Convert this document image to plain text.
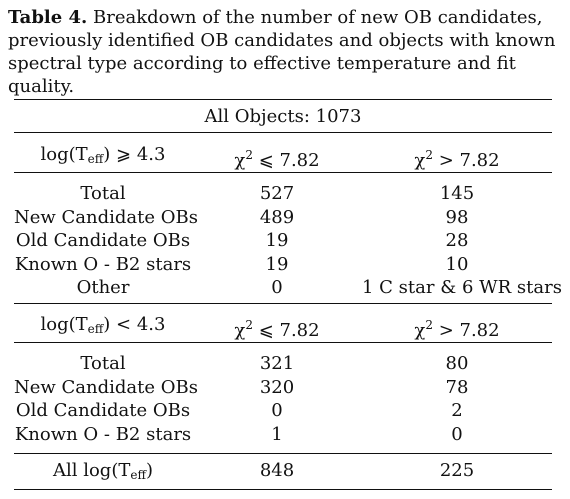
Table 4. Breakdown of the number of new OB candidates, previously identified OB candidates and objects with known spectral type according to effective temperature and fit quality.
All Objects: 1073
$\log(T_{eff})$ ⩾ 4.3	$\chi^2$ ⩽ 7.82	$\chi^2 > 7.82$
Total	527	145
New Candidate OBs	489	98
Old Candidate OBs	19	28
Known O - B2 stars	19	10
Other	0	1 C star & 6 WR stars
$\log(T_{eff}) < 4.3$	$\chi^2$ ⩽ 7.82	$\chi^2 > 7.82$
Total	321	80
New Candidate OBs	320	78
Old Candidate OBs	0	2
Known O - B2 stars	1	0
All $\log(T_{eff})$	848	225
